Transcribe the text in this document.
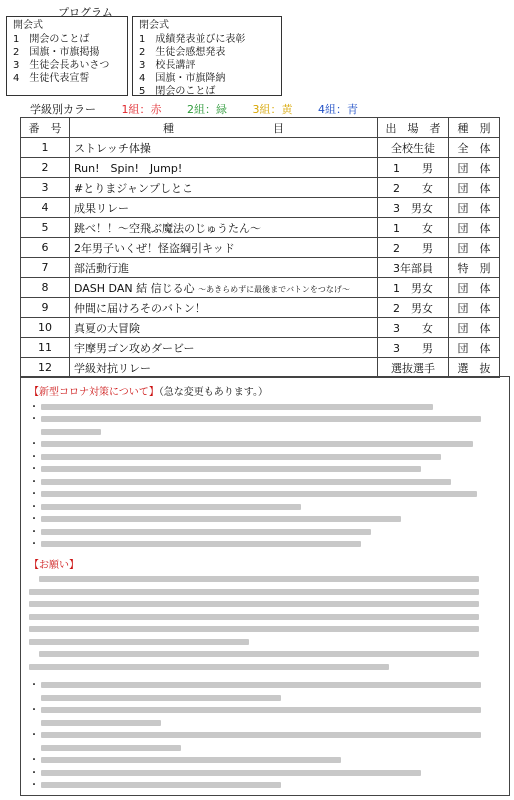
プログラム
開会式
1　開会のことば
2　国旗・市旗掲揚
3　生徒会長あいさつ
4　生徒代表宣誓
閉会式
1　成績発表並びに表彰
2　生徒会感想発表
3　校長講評
4　国旗・市旗降納
5　閉会のことば
学級別カラー 1組：赤 2組：緑 3組：黄 4組：青
番　号	種　　　　　　　　　目	出　場　者	種　別
1	ストレッチ体操	全校生徒	全　体
2	Run!　Spin!　Jump!	1　　男	団　体
3	#とりまジャンプしとこ	2　　女	団　体
4	成果リレー	3　男女	団　体
5	跳べ！！～空飛ぶ魔法のじゅうたん～	1　　女	団　体
6	2年男子いくぜ！怪盗綱引キッド	2　　男	団　体
7	部活動行進	3年部員	特　別
8	DASH DAN 結 信じる心 ～あきらめずに最後までバトンをつなげ～	1　男女	団　体
9	仲間に届けろそのバトン！	2　男女	団　体
10	真夏の大冒険	3　　女	団　体
11	宇摩男ゴン攻めダービー	3　　男	団　体
12	学級対抗リレー	選抜選手	選　抜
【新型コロナ対策について】（急な変更もあります。）

・

・

・

・

・

・

・

・

・

・

・

【お願い】

・

・

・

・

・

・
